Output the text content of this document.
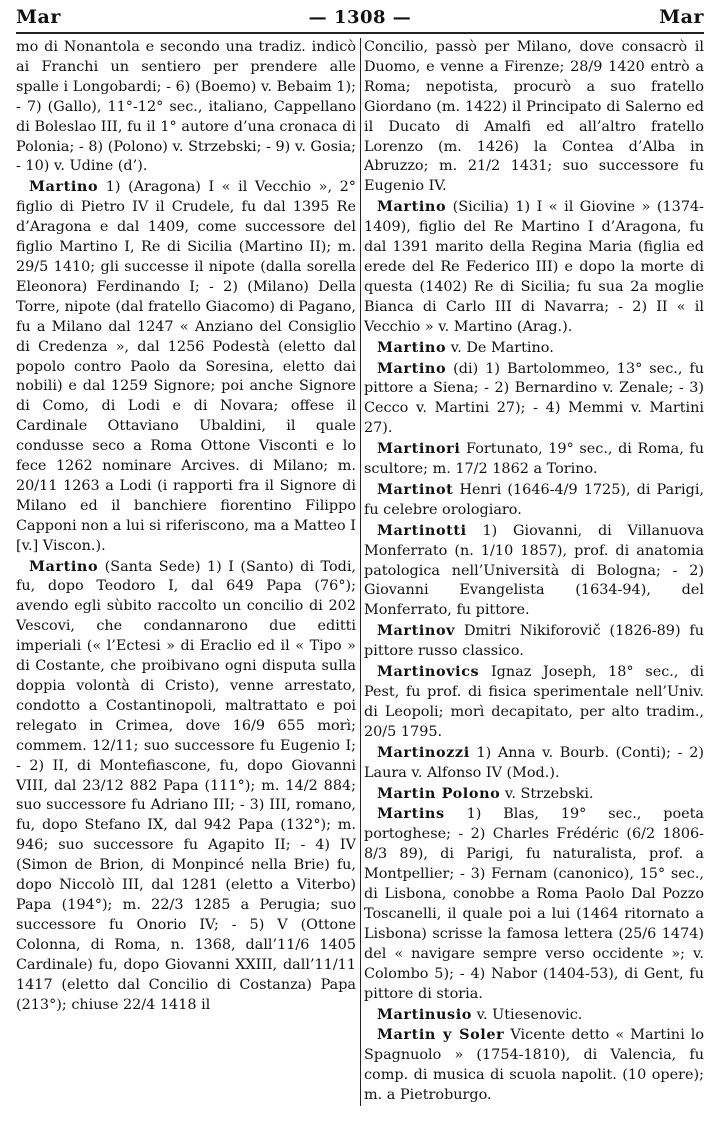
Mar	— 1308 —	Mar

mo di Nonantola e secondo una tradiz. indicò ai Franchi un sentiero per prendere alle spalle i Longobardi; - 6) (Boemo) v. Bebaim 1); - 7) (Gallo), 11°-12° sec., italiano, Cappellano di Boleslao III, fu il 1° autore d’una cronaca di Polonia; - 8) (Polono) v. Strzebski; - 9) v. Gosia; - 10) v. Udine (d’).

Martino 1) (Aragona) I « il Vecchio », 2° figlio di Pietro IV il Crudele, fu dal 1395 Re d’Aragona e dal 1409, come successore del figlio Martino I, Re di Sicilia (Martino II); m. 29/5 1410; gli successe il nipote (dalla sorella Eleonora) Ferdinando I; - 2) (Milano) Della Torre, nipote (dal fratello Giacomo) di Pagano, fu a Milano dal 1247 « Anziano del Consiglio di Credenza », dal 1256 Podestà (eletto dal popolo contro Paolo da Soresina, eletto dai nobili) e dal 1259 Signore; poi anche Signore di Como, di Lodi e di Novara; offese il Cardinale Ottaviano Ubaldini, il quale condusse seco a Roma Ottone Visconti e lo fece 1262 nominare Arcives. di Milano; m. 20/11 1263 a Lodi (i rapporti fra il Signore di Milano ed il banchiere fiorentino Filippo Capponi non a lui si riferiscono, ma a Matteo I [v.] Viscon.).

Martino (Santa Sede) 1) I (Santo) di Todi, fu, dopo Teodoro I, dal 649 Papa (76°); avendo egli sùbito raccolto un concilio di 202 Vescovi, che condannarono due editti imperiali (« l’Ectesi » di Eraclio ed il « Tipo » di Costante, che proibivano ogni disputa sulla doppia volontà di Cristo), venne arrestato, condotto a Costantinopoli, maltrattato e poi relegato in Crimea, dove 16/9 655 morì; commem. 12/11; suo successore fu Eugenio I; - 2) II, di Montefiascone, fu, dopo Giovanni VIII, dal 23/12 882 Papa (111°); m. 14/2 884; suo successore fu Adriano III; - 3) III, romano, fu, dopo Stefano IX, dal 942 Papa (132°); m. 946; suo successore fu Agapito II; - 4) IV (Simon de Brion, di Monpincé nella Brie) fu, dopo Niccolò III, dal 1281 (eletto a Viterbo) Papa (194°); m. 22/3 1285 a Perugia; suo successore fu Onorio IV; - 5) V (Ottone Colonna, di Roma, n. 1368, dall’11/6 1405 Cardinale) fu, dopo Giovanni XXIII, dall’11/11 1417 (eletto dal Concilio di Costanza) Papa (213°); chiuse 22/4 1418 il

Concilio, passò per Milano, dove consacrò il Duomo, e venne a Firenze; 28/9 1420 entrò a Roma; nepotista, procurò a suo fratello Giordano (m. 1422) il Principato di Salerno ed il Ducato di Amalfi ed all’altro fratello Lorenzo (m. 1426) la Contea d’Alba in Abruzzo; m. 21/2 1431; suo successore fu Eugenio IV.

Martino (Sicilia) 1) I « il Giovine » (1374-1409), figlio del Re Martino I d’Aragona, fu dal 1391 marito della Regina Maria (figlia ed erede del Re Federico III) e dopo la morte di questa (1402) Re di Sicilia; fu sua 2a moglie Bianca di Carlo III di Navarra; - 2) II « il Vecchio » v. Martino (Arag.).

Martino v. De Martino.

Martino (di) 1) Bartolommeo, 13° sec., fu pittore a Siena; - 2) Bernardino v. Zenale; - 3) Cecco v. Martini 27); - 4) Memmi v. Martini 27).

Martinori Fortunato, 19° sec., di Roma, fu scultore; m. 17/2 1862 a Torino.

Martinot Henri (1646-4/9 1725), di Parigi, fu celebre orologiaro.

Martinotti 1) Giovanni, di Villanuova Monferrato (n. 1/10 1857), prof. di anatomia patologica nell’Università di Bologna; - 2) Giovanni Evangelista (1634-94), del Monferrato, fu pittore.

Martinov Dmitri Nikiforovič (1826-89) fu pittore russo classico.

Martinovics Ignaz Joseph, 18° sec., di Pest, fu prof. di fisica sperimentale nell’Univ. di Leopoli; morì decapitato, per alto tradim., 20/5 1795.

Martinozzi 1) Anna v. Bourb. (Conti); - 2) Laura v. Alfonso IV (Mod.).

Martin Polono v. Strzebski.

Martins 1) Blas, 19° sec., poeta portoghese; - 2) Charles Frédéric (6/2 1806-8/3 89), di Parigi, fu naturalista, prof. a Montpellier; - 3) Fernam (canonico), 15° sec., di Lisbona, conobbe a Roma Paolo Dal Pozzo Toscanelli, il quale poi a lui (1464 ritornato a Lisbona) scrisse la famosa lettera (25/6 1474) del « navigare sempre verso occidente »; v. Colombo 5); - 4) Nabor (1404-53), di Gent, fu pittore di storia.

Martinusio v. Utiesenovic.

Martin y Soler Vicente detto « Martini lo Spagnuolo » (1754-1810), di Valencia, fu comp. di musica di scuola napolit. (10 opere); m. a Pietroburgo.
